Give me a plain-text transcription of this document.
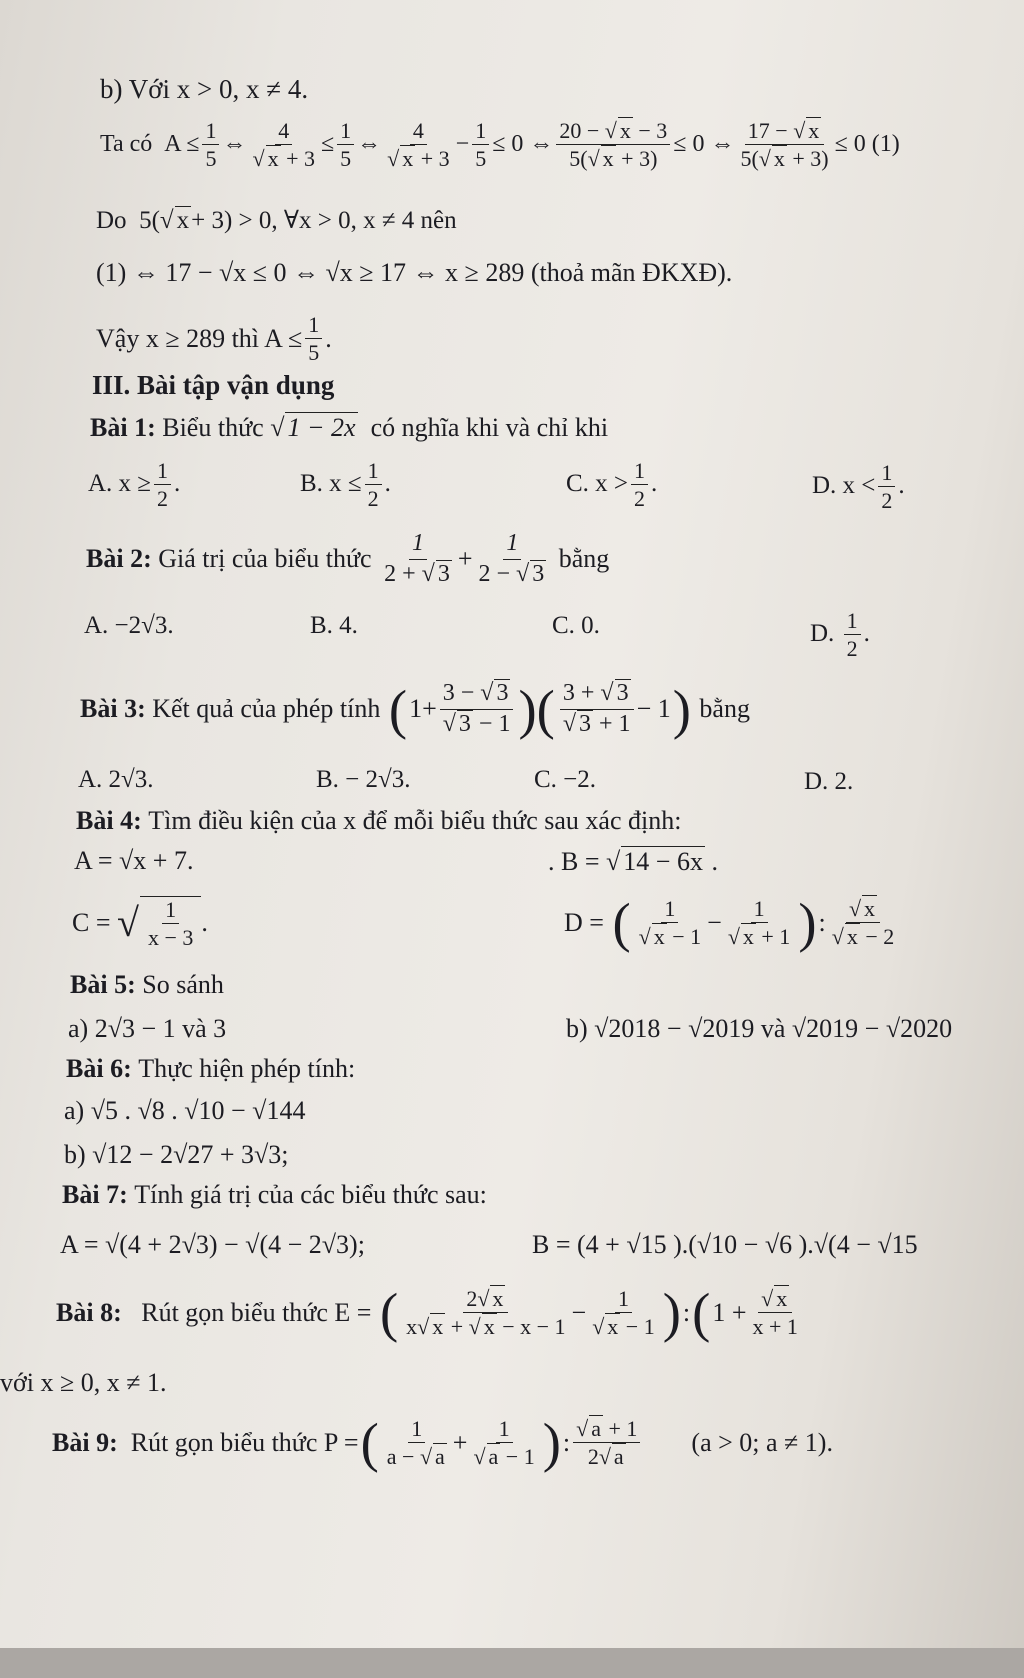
b) Với x > 0, x ≠ 4.
Ta có $A \le \frac{1}{5}$ ⇔ $\frac{4}{√ x + 3} \le \frac{1}{5}$ ⇔ $\frac{4}{√ x + 3} - \frac{1}{5} \le 0$ ⇔ $\frac{20 - √ x - 3}{5(√ x + 3)} \le 0$ ⇔ $\frac{17 - √ x}{5(√ x + 3)} \le 0$ (1)
Do 5(√ x + 3) > 0, ∀x > 0, x ≠ 4 nên
(1) ⇔ 17 − √x ≤ 0 ⇔ √x ≥ 17 ⇔ x ≥ 289 (thoả mãn ĐKXĐ).
Vậy x ≥ 289 thì $A \le \frac{1}{5}$ .
III. Bài tập vận dụng
Bài 1:
Biểu thức √ 1 − 2x
có nghĩa khi và chỉ khi
A. $x \ge \frac{1}{2}$ .	B. $x \le \frac{1}{2}$ .	C. $x > \frac{1}{2}$ .	D. $x < \frac{1}{2}$ .
Bài 2:
Giá trị của biểu thức
$\frac{1}{2 + √ 3} + \frac{1}{2 - √ 3}$
bằng
A. −2√3.	B. 4.	C. 0.	D.
$\frac{1}{2}$ .
Bài 3:
Kết quả của phép tính
( $1+ \frac{3 - √ 3}{√ 3 - 1}$ )( $\frac{3 + √ 3}{√ 3 + 1} - 1$ )
bằng
A. 2√3.	B. − 2√3.	C. −2.	D. 2.
Bài 4:
Tìm điều kiện của x để mỗi biểu thức sau xác định:
A = √x + 7.	. B = √ 14 − 6x .
C =
√ $\frac{1}{x - 3}$ .	D =
( $\frac{1}{√ x - 1} - \frac{1}{√ x + 1}$ ) : $\frac{√ x}{√ x - 2}$
Bài 5:
So sánh
a) 2√3 − 1 và 3	b) √2018 − √2019 và √2019 − √2020
Bài 6:
Thực hiện phép tính:
a) √5 . √8 . √10 − √144
b) √12 − 2√27 + 3√3;
Bài 7:
Tính giá trị của các biểu thức sau:
A = √(4 + 2√3) − √(4 − 2√3);	B = (4 + √15 ).(√10 − √6 ).√(4 − √15
Bài 8:
Rút gọn biểu thức E =
( $\frac{2√ x}{x√ x + √ x - x - 1} - \frac{1}{√ x - 1}$ ) : ( $1 + \frac{√ x}{x + 1}$
với x ≥ 0, x ≠ 1.
Bài 9:
Rút gọn biểu thức P = ( $\frac{1}{a - √ a} + \frac{1}{√ a - 1}$ ) : $\frac{√ a + 1}{2√ a} (a > 0$; a ≠ 1).
